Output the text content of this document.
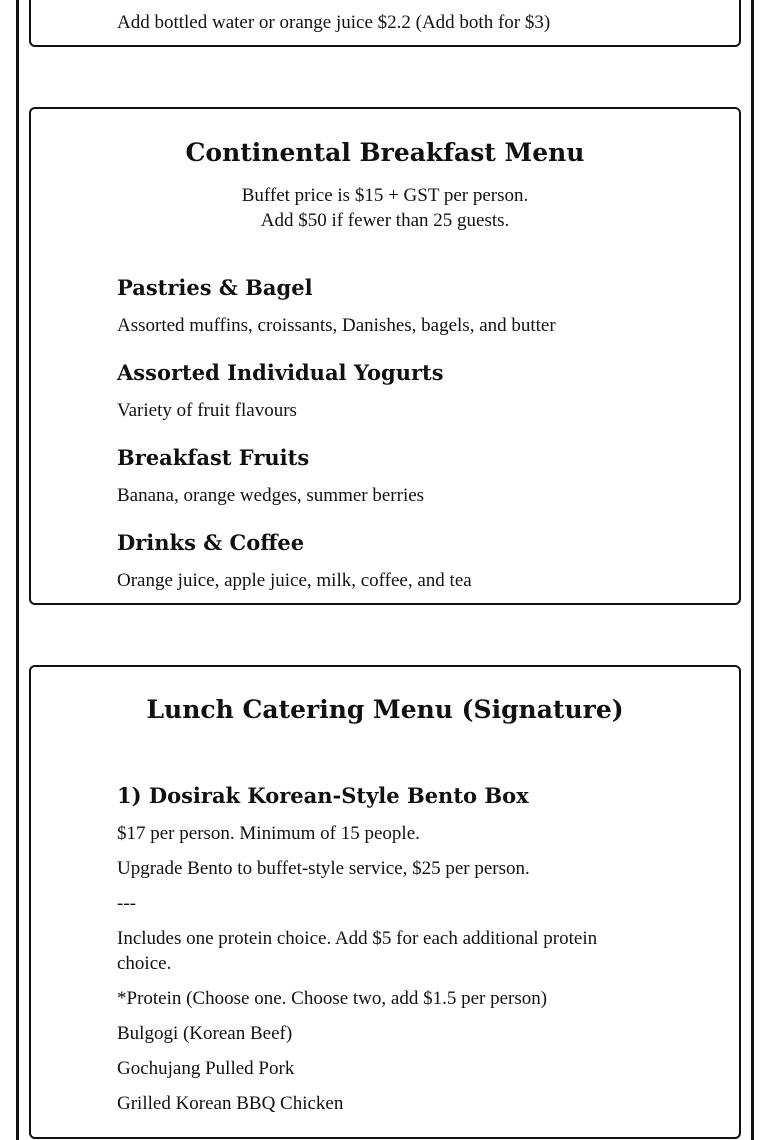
Add bottled water or orange juice $2.2 (Add both for $3)
Continental Breakfast Menu
Buffet price is $15 + GST per person.
Add $50 if fewer than 25 guests.
Pastries & Bagel
Assorted muffins, croissants, Danishes, bagels, and butter
Assorted Individual Yogurts
Variety of fruit flavours
Breakfast Fruits
Banana, orange wedges, summer berries
Drinks & Coffee
Orange juice, apple juice, milk, coffee, and tea
Lunch Catering Menu (Signature)
1) Dosirak Korean-Style Bento Box
$17 per person. Minimum of 15 people.
Upgrade Bento to buffet-style service, $25 per person.
---
Includes one protein choice. Add $5 for each additional protein choice.
*Protein (Choose one. Choose two, add $1.5 per person)
Bulgogi (Korean Beef)
Gochujang Pulled Pork
Grilled Korean BBQ Chicken
